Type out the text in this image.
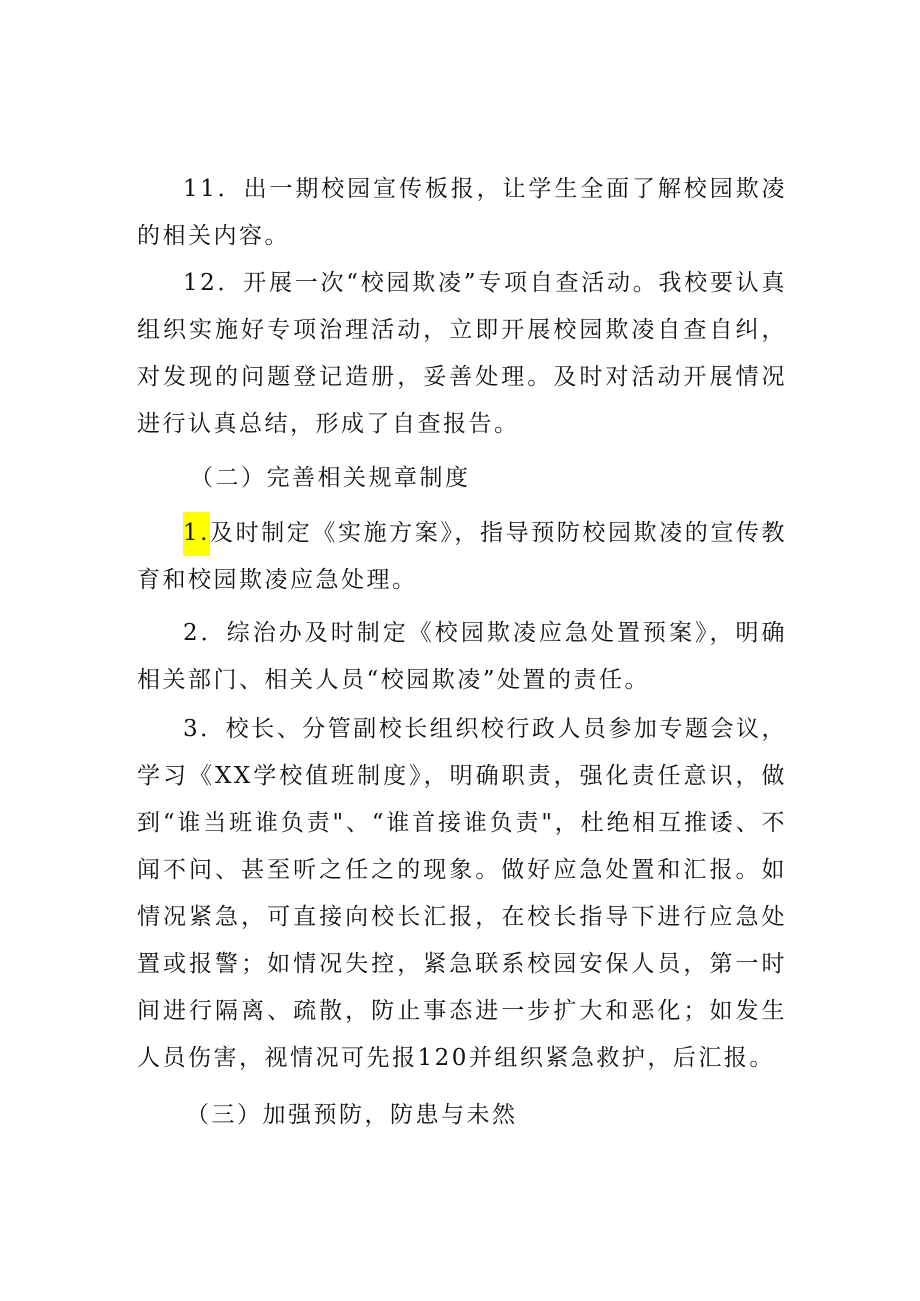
11．出一期校园宣传板报，让学生全面了解校园欺凌的相关内容。

12．开展一次“校园欺凌”专项自查活动。我校要认真组织实施好专项治理活动，立即开展校园欺凌自查自纠，对发现的问题登记造册，妥善处理。及时对活动开展情况进行认真总结，形成了自查报告。

（二）完善相关规章制度

1.及时制定《实施方案》，指导预防校园欺凌的宣传教育和校园欺凌应急处理。

2．综治办及时制定《校园欺凌应急处置预案》，明确相关部门、相关人员“校园欺凌”处置的责任。

3．校长、分管副校长组织校行政人员参加专题会议，学习《XX学校值班制度》，明确职责，强化责任意识，做到“谁当班谁负责"、“谁首接谁负责"，杜绝相互推诿、不闻不问、甚至听之任之的现象。做好应急处置和汇报。如情况紧急，可直接向校长汇报，在校长指导下进行应急处置或报警；如情况失控，紧急联系校园安保人员，第一时间进行隔离、疏散，防止事态进一步扩大和恶化；如发生人员伤害，视情况可先报120并组织紧急救护，后汇报。

（三）加强预防，防患与未然
